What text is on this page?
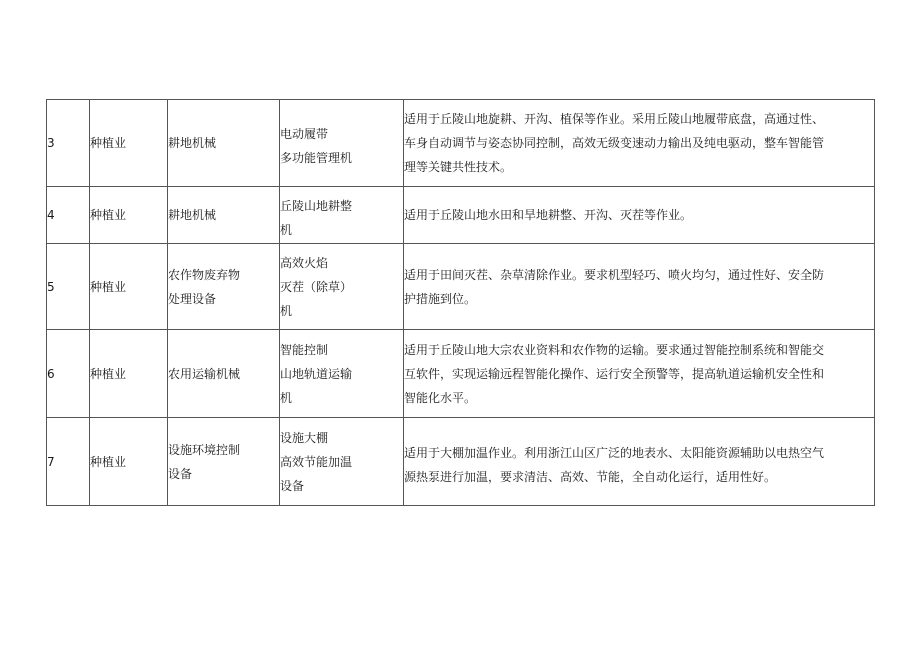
3	种植业	耕地机械	电动履带
多功能管理机	适用于丘陵山地旋耕、开沟、植保等作业。采用丘陵山地履带底盘，高通过性、
车身自动调节与姿态协同控制，高效无级变速动力输出及纯电驱动，整车智能管
理等关键共性技术。

4	种植业	耕地机械	丘陵山地耕整
机	适用于丘陵山地水田和旱地耕整、开沟、灭茬等作业。

5	种植业	农作物废弃物
处理设备	高效火焰
灭茬（除草）
机	适用于田间灭茬、杂草清除作业。要求机型轻巧、喷火均匀，通过性好、安全防
护措施到位。

6	种植业	农用运输机械	智能控制
山地轨道运输
机	适用于丘陵山地大宗农业资料和农作物的运输。要求通过智能控制系统和智能交
互软件，实现运输远程智能化操作、运行安全预警等，提高轨道运输机安全性和
智能化水平。

7	种植业	设施环境控制
设备	设施大棚
高效节能加温
设备	适用于大棚加温作业。利用浙江山区广泛的地表水、太阳能资源辅助以电热空气
源热泵进行加温，要求清洁、高效、节能，全自动化运行，适用性好。
